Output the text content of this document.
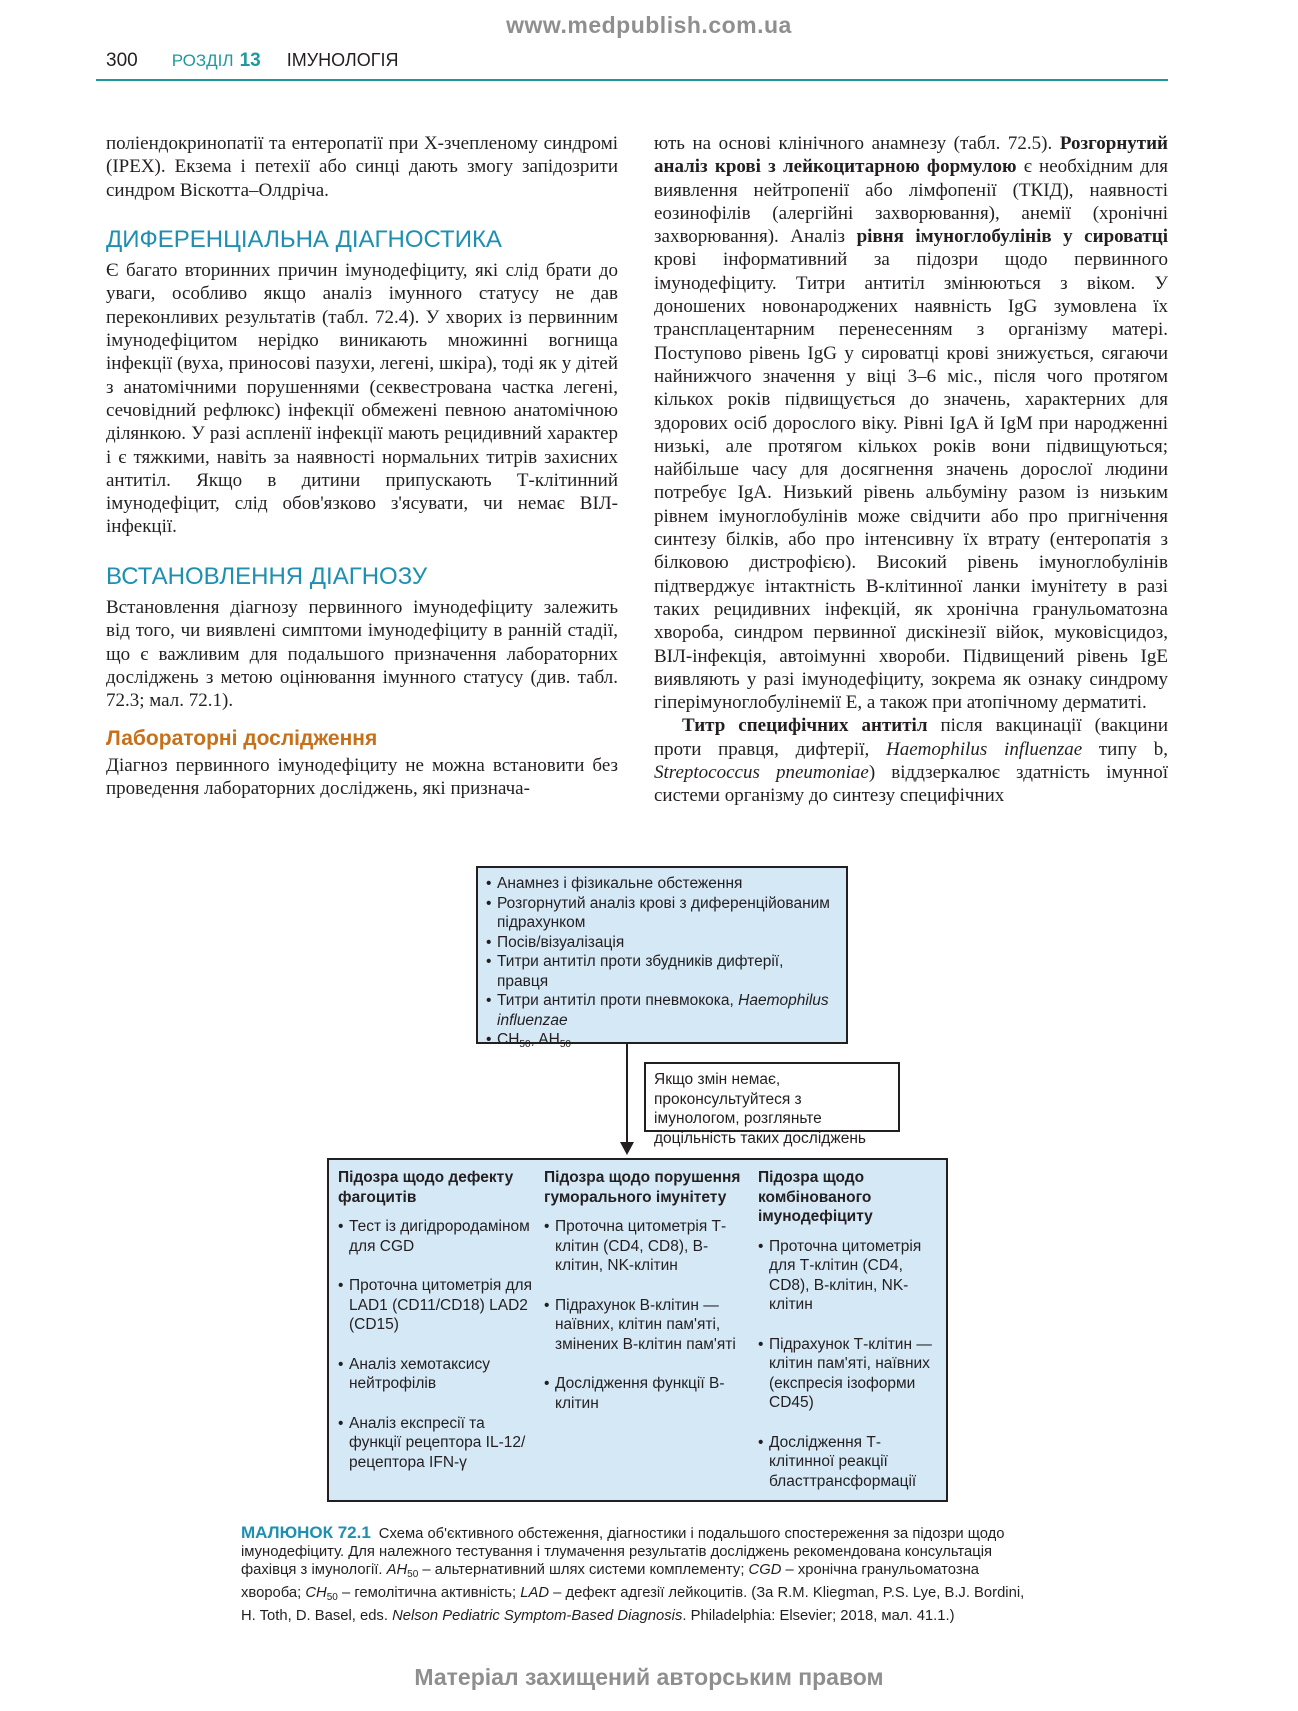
www.medpublish.com.ua
300 РОЗДІЛ 13 ІМУНОЛОГІЯ

поліендокринопатії та ентеропатії при Х-зчепленому синдромі (IPEX). Екзема і петехії або синці дають змогу запідозрити синдром Віскотта–Олдріча.

ДИФЕРЕНЦІАЛЬНА ДІАГНОСТИКА

Є багато вторинних причин імунодефіциту, які слід брати до уваги, особливо якщо аналіз імунного статусу не дав переконливих результатів (табл. 72.4). У хворих із первинним імунодефіцитом нерідко виникають множинні вогнища інфекції (вуха, приносові пазухи, легені, шкіра), тоді як у дітей з анатомічними порушеннями (секвестрована частка легені, сечовідний рефлюкс) інфекції обмежені певною анатомічною ділянкою. У разі аспленії інфекції мають рецидивний характер і є тяжкими, навіть за наявності нормальних титрів захисних антитіл. Якщо в дитини припускають Т-клітинний імунодефіцит, слід обов'язково з'ясувати, чи немає ВІЛ-інфекції.

ВСТАНОВЛЕННЯ ДІАГНОЗУ

Встановлення діагнозу первинного імунодефіциту залежить від того, чи виявлені симптоми імунодефіциту в ранній стадії, що є важливим для подальшого призначення лабораторних досліджень з метою оцінювання імунного статусу (див. табл. 72.3; мал. 72.1).

Лабораторні дослідження

Діагноз первинного імунодефіциту не можна встановити без проведення лабораторних досліджень, які признача-

ють на основі клінічного анамнезу (табл. 72.5). Розгорнутий аналіз крові з лейкоцитарною формулою є необхідним для виявлення нейтропенії або лімфопенії (ТКІД), наявності еозинофілів (алергійні захворювання), анемії (хронічні захворювання). Аналіз рівня імуноглобулінів у сироватці крові інформативний за підозри щодо первинного імунодефіциту. Титри антитіл змінюються з віком. У доношених новонароджених наявність IgG зумовлена їх трансплацентарним перенесенням з організму матері. Поступово рівень IgG у сироватці крові знижується, сягаючи найнижчого значення у віці 3–6 міс., після чого протягом кількох років підвищується до значень, характерних для здорових осіб дорослого віку. Рівні IgA й IgM при народженні низькі, але протягом кількох років вони підвищуються; найбільше часу для досягнення значень дорослої людини потребує IgA. Низький рівень альбуміну разом із низьким рівнем імуноглобулінів може свідчити або про пригнічення синтезу білків, або про інтенсивну їх втрату (ентеропатія з білковою дистрофією). Високий рівень імуноглобулінів підтверджує інтактність В-клітинної ланки імунітету в разі таких рецидивних інфекцій, як хронічна гранульоматозна хвороба, синдром первинної дискінезії війок, муковісцидоз, ВІЛ-інфекція, автоімунні хвороби. Підвищений рівень IgE виявляють у разі імунодефіциту, зокрема як ознаку синдрому гіперімуноглобулінемії Е, а також при атопічному дерматиті.

Титр специфічних антитіл після вакцинації (вакцини проти правця, дифтерії, Haemophilus influenzae типу b, Streptococcus pneumoniae) віддзеркалює здатність імунної системи організму до синтезу специфічних

• Анамнез і фізикальне обстеження
• Розгорнутий аналіз крові з диференційованим підрахунком
• Посів/візуалізація
• Титри антитіл проти збудників дифтерії, правця
• Титри антитіл проти пневмокока, Haemophilus influenzae
• CH50, AH50
Якщо змін немає, проконсультуйтеся з імунологом, розгляньте доцільність таких досліджень
Підозра щодо дефекту фагоцитів
• Тест із дигідрородаміном для CGD
• Проточна цитометрія для LAD1 (CD11/CD18) LAD2 (CD15)
• Аналіз хемотаксису нейтрофілів
• Аналіз експресії та функції рецептора IL-12/рецептора IFN-γ
Підозра щодо порушення гуморального імунітету
• Проточна цитометрія Т-клітин (CD4, CD8), В-клітин, NK-клітин
• Підрахунок В-клітин — наївних, клітин пам'яті, змінених В-клітин пам'яті
• Дослідження функції В-клітин
Підозра щодо комбінованого імунодефіциту
• Проточна цитометрія для Т-клітин (CD4, CD8), В-клітин, NK-клітин
• Підрахунок Т-клітин — клітин пам'яті, наївних (експресія ізоформи CD45)
• Дослідження Т-клітинної реакції бласттрансформації
МАЛЮНОК 72.1 Схема об'єктивного обстеження, діагностики і подальшого спостереження за підозри щодо імунодефіциту. Для належного тестування і тлумачення результатів досліджень рекомендована консультація фахівця з імунології. $AH_{50}$ – альтернативний шлях системи комплементу; CGD – хронічна гранульоматозна хвороба; $CH_{50}$ – гемолітична активність; LAD – дефект адгезії лейкоцитів. (За R.M. Kliegman, P.S. Lye, B.J. Bordini, H. Toth, D. Basel, eds. Nelson Pediatric Symptom-Based Diagnosis. Philadelphia: Elsevier; 2018, мал. 41.1.)
Матеріал захищений авторським правом
